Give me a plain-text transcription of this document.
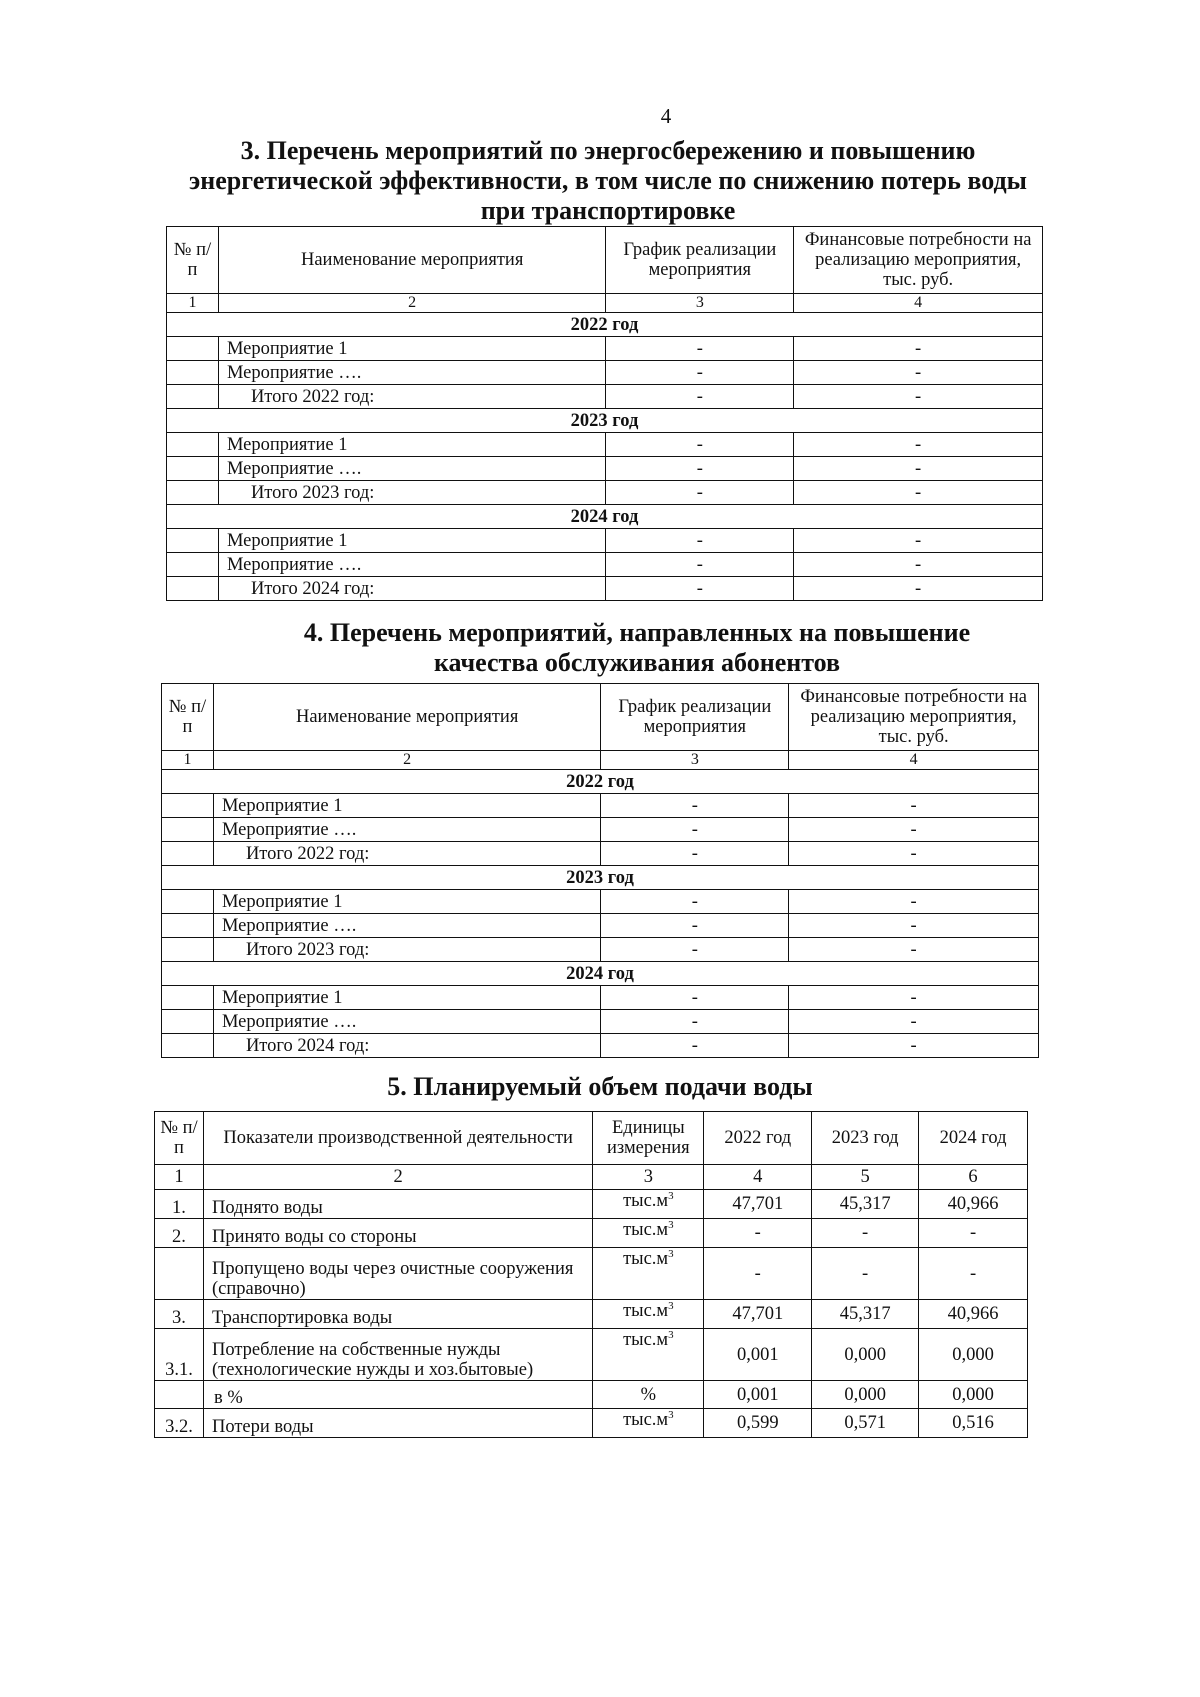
4
3. Перечень мероприятий по энергосбережению и повышению энергетической эффективности, в том числе по снижению потерь воды при транспортировке
№ п/п	Наименование мероприятия	График реализации мероприятия	Финансовые потребности на реализацию мероприятия, тыс. руб.
1	2	3	4
2022 год			
	Мероприятие 1	-	-
	Мероприятие ….	-	-
	Итого 2022 год:	-	-
2023 год			
	Мероприятие 1	-	-
	Мероприятие ….	-	-
	Итого 2023 год:	-	-
2024 год			
	Мероприятие 1	-	-
	Мероприятие ….	-	-
	Итого 2024 год:	-	-
4. Перечень мероприятий, направленных на повышение качества обслуживания абонентов
№ п/п	Наименование мероприятия	График реализации мероприятия	Финансовые потребности на реализацию мероприятия, тыс. руб.
1	2	3	4
2022 год			
	Мероприятие 1	-	-
	Мероприятие ….	-	-
	Итого 2022 год:	-	-
2023 год			
	Мероприятие 1	-	-
	Мероприятие ….	-	-
	Итого 2023 год:	-	-
2024 год			
	Мероприятие 1	-	-
	Мероприятие ….	-	-
	Итого 2024 год:	-	-
5. Планируемый объем подачи воды
№ п/п	Показатели производственной деятельности	Единицы измерения	2022 год	2023 год	2024 год
1	2	3	4	5	6
1.	Поднято воды	$тыс.м^3$	47,701	45,317	40,966
2.	Принято воды со стороны	$тыс.м^3$	-	-	-
	Пропущено воды через очистные сооружения (справочно)	$тыс.м^3$	-	-	-
3.	Транспортировка воды	$тыс.м^3$	47,701	45,317	40,966
3.1.	Потребление на собственные нужды (технологические нужды и хоз.бытовые)	$тыс.м^3$	0,001	0,000	0,000
	в %	%	0,001	0,000	0,000
3.2.	Потери воды	$тыс.м^3$	0,599	0,571	0,516
